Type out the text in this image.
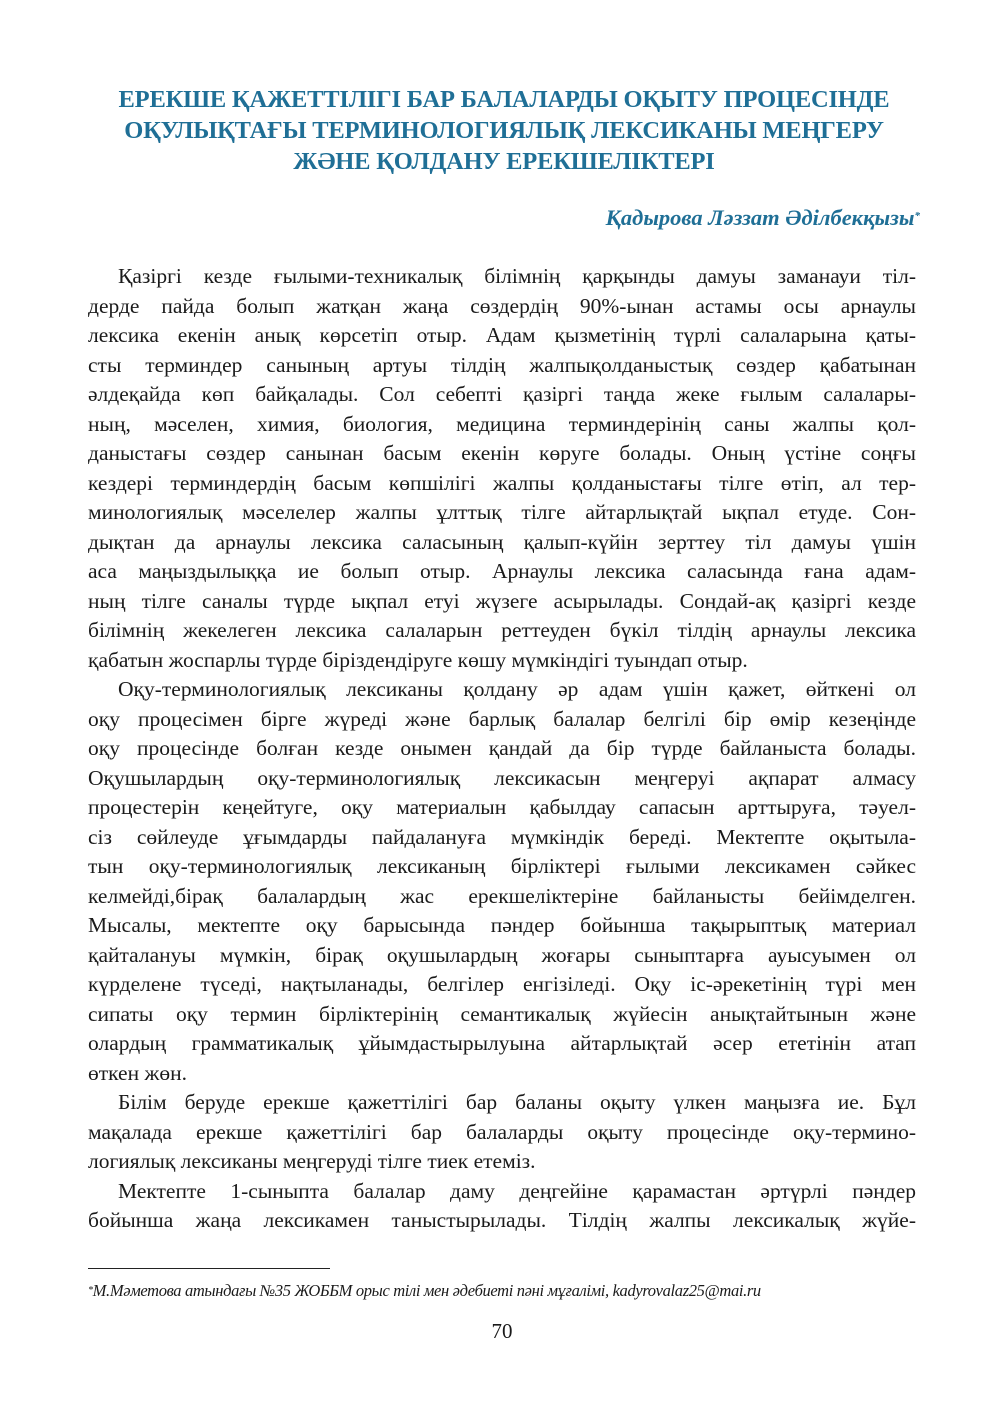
ЕРЕКШЕ ҚАЖЕТТІЛІГІ БАР БАЛАЛАРДЫ ОҚЫТУ ПРОЦЕСІНДЕ
ОҚУЛЫҚТАҒЫ ТЕРМИНОЛОГИЯЛЫҚ ЛЕКСИКАНЫ МЕҢГЕРУ
ЖӘНЕ ҚОЛДАНУ ЕРЕКШЕЛІКТЕРІ
Қадырова Ләззат Әділбекқызы*
Қазіргі кезде ғылыми-техникалық білімнің қарқынды дамуы заманауи тіл-
дерде пайда болып жатқан жаңа сөздердің 90%-ынан астамы осы арнаулы
лексика екенін анық көрсетіп отыр. Адам қызметінің түрлі салаларына қаты-
сты терминдер санының артуы тілдің жалпықолданыстық сөздер қабатынан
әлдеқайда көп байқалады. Сол себепті қазіргі таңда жеке ғылым салалары-
ның, мәселен, химия, биология, медицина терминдерінің саны жалпы қол-
даныстағы сөздер санынан басым екенін көруге болады. Оның үстіне соңғы
кездері терминдердің басым көпшілігі жалпы қолданыстағы тілге өтіп, ал тер-
минологиялық мәселелер жалпы ұлттық тілге айтарлықтай ықпал етуде. Сон-
дықтан да арнаулы лексика саласының қалып-күйін зерттеу тіл дамуы үшін
аса маңыздылыққа ие болып отыр. Арнаулы лексика саласында ғана адам-
ның тілге саналы түрде ықпал етуі жүзеге асырылады. Сондай-ақ қазіргі кезде
білімнің жекелеген лексика салаларын реттеуден бүкіл тілдің арнаулы лексика
қабатын жоспарлы түрде біріздендіруге көшу мүмкіндігі туындап отыр.
Оқу-терминологиялық лексиканы қолдану әр адам үшін қажет, өйткені ол
оқу процесімен бірге жүреді және барлық балалар белгілі бір өмір кезеңінде
оқу процесінде болған кезде онымен қандай да бір түрде байланыста болады.
Оқушылардың оқу-терминологиялық лексикасын меңгеруі ақпарат алмасу
процестерін кеңейтуге, оқу материалын қабылдау сапасын арттыруға, тәуел-
сіз сөйлеуде ұғымдарды пайдалануға мүмкіндік береді. Мектепте оқытыла-
тын оқу-терминологиялық лексиканың бірліктері ғылыми лексикамен сәйкес
келмейді,бірақ балалардың жас ерекшеліктеріне байланысты бейімделген.
Мысалы, мектепте оқу барысында пәндер бойынша тақырыптық материал
қайталануы мүмкін, бірақ оқушылардың жоғары сыныптарға ауысуымен ол
күрделене түседі, нақтыланады, белгілер енгізіледі. Оқу іс-әрекетінің түрі мен
сипаты оқу термин бірліктерінің семантикалық жүйесін анықтайтынын және
олардың грамматикалық ұйымдастырылуына айтарлықтай әсер ететінін атап
өткен жөн.
Білім беруде ерекше қажеттілігі бар баланы оқыту үлкен маңызға ие. Бұл
мақалада ерекше қажеттілігі бар балаларды оқыту процесінде оқу-термино-
логиялық лексиканы меңгеруді тілге тиек етеміз.
Мектепте 1-сыныпта балалар даму деңгейіне қарамастан әртүрлі пәндер
бойынша жаңа лексикамен таныстырылады. Тілдің жалпы лексикалық жүйе-
*М.Мәметова атындағы №35 ЖОББМ орыс тілі мен әдебиеті пәні мұғалімі, kadyrovalaz25@mai.ru
70
